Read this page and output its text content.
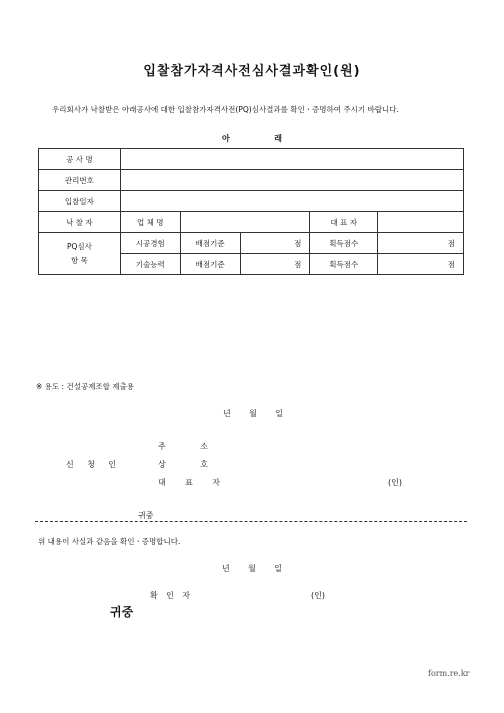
입찰참가자격사전심사결과확인(원)
우리회사가 낙찰받은 아래공사에 대한 입찰참가자격사전(PQ)심사결과를 확인ㆍ증명하여 주시기 바랍니다.
아	래
공 사 명					
관리번호					
입찰일자					
낙 찰 자	업 체 명			대 표 자	

PQ심사
항 목	시공경험	배점기준	점	획득점수	점
	기술능력	배점기준	점	획득점수	점
※ 용도 : 건설공제조합 제출용
년 월 일
주	소
신 청 인	상	호
대 표 자	(인)
귀중
위 내용이 사실과 같음을 확인ㆍ증명합니다.
년 월 일
확 인 자	(인)
귀중
form.re.kr
